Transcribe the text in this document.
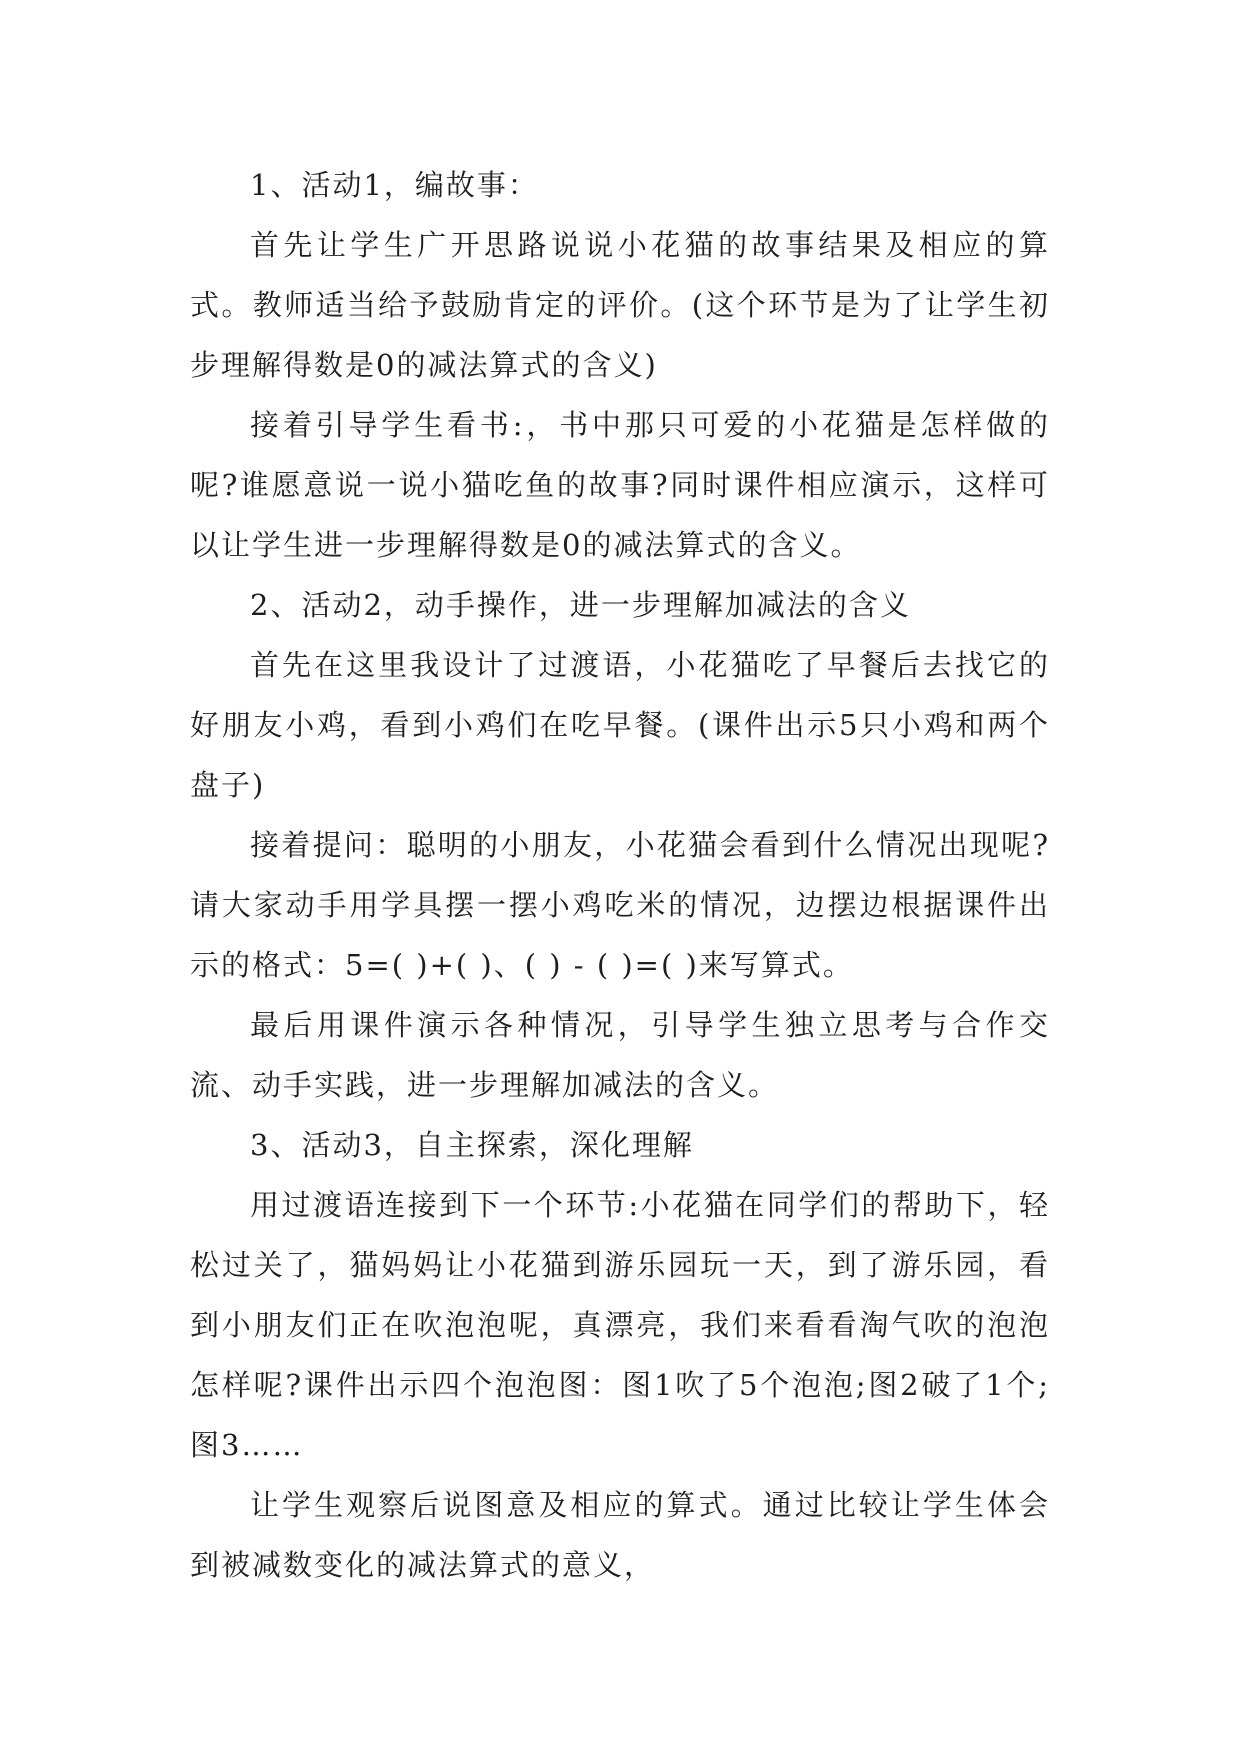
1、活动1，编故事：

首先让学生广开思路说说小花猫的故事结果及相应的算式。教师适当给予鼓励肯定的评价。(这个环节是为了让学生初步理解得数是0的减法算式的含义)

接着引导学生看书:，书中那只可爱的小花猫是怎样做的呢?谁愿意说一说小猫吃鱼的故事?同时课件相应演示，这样可以让学生进一步理解得数是0的减法算式的含义。

2、活动2，动手操作，进一步理解加减法的含义

首先在这里我设计了过渡语，小花猫吃了早餐后去找它的好朋友小鸡，看到小鸡们在吃早餐。(课件出示5只小鸡和两个盘子)

接着提问：聪明的小朋友，小花猫会看到什么情况出现呢?请大家动手用学具摆一摆小鸡吃米的情况，边摆边根据课件出示的格式：5=( )+( )、( ) - ( )=( )来写算式。

最后用课件演示各种情况，引导学生独立思考与合作交流、动手实践，进一步理解加减法的含义。

3、活动3，自主探索，深化理解

用过渡语连接到下一个环节:小花猫在同学们的帮助下，轻松过关了，猫妈妈让小花猫到游乐园玩一天，到了游乐园，看到小朋友们正在吹泡泡呢，真漂亮，我们来看看淘气吹的泡泡怎样呢?课件出示四个泡泡图：图1吹了5个泡泡;图2破了1个;图3……

让学生观察后说图意及相应的算式。通过比较让学生体会到被减数变化的减法算式的意义，
